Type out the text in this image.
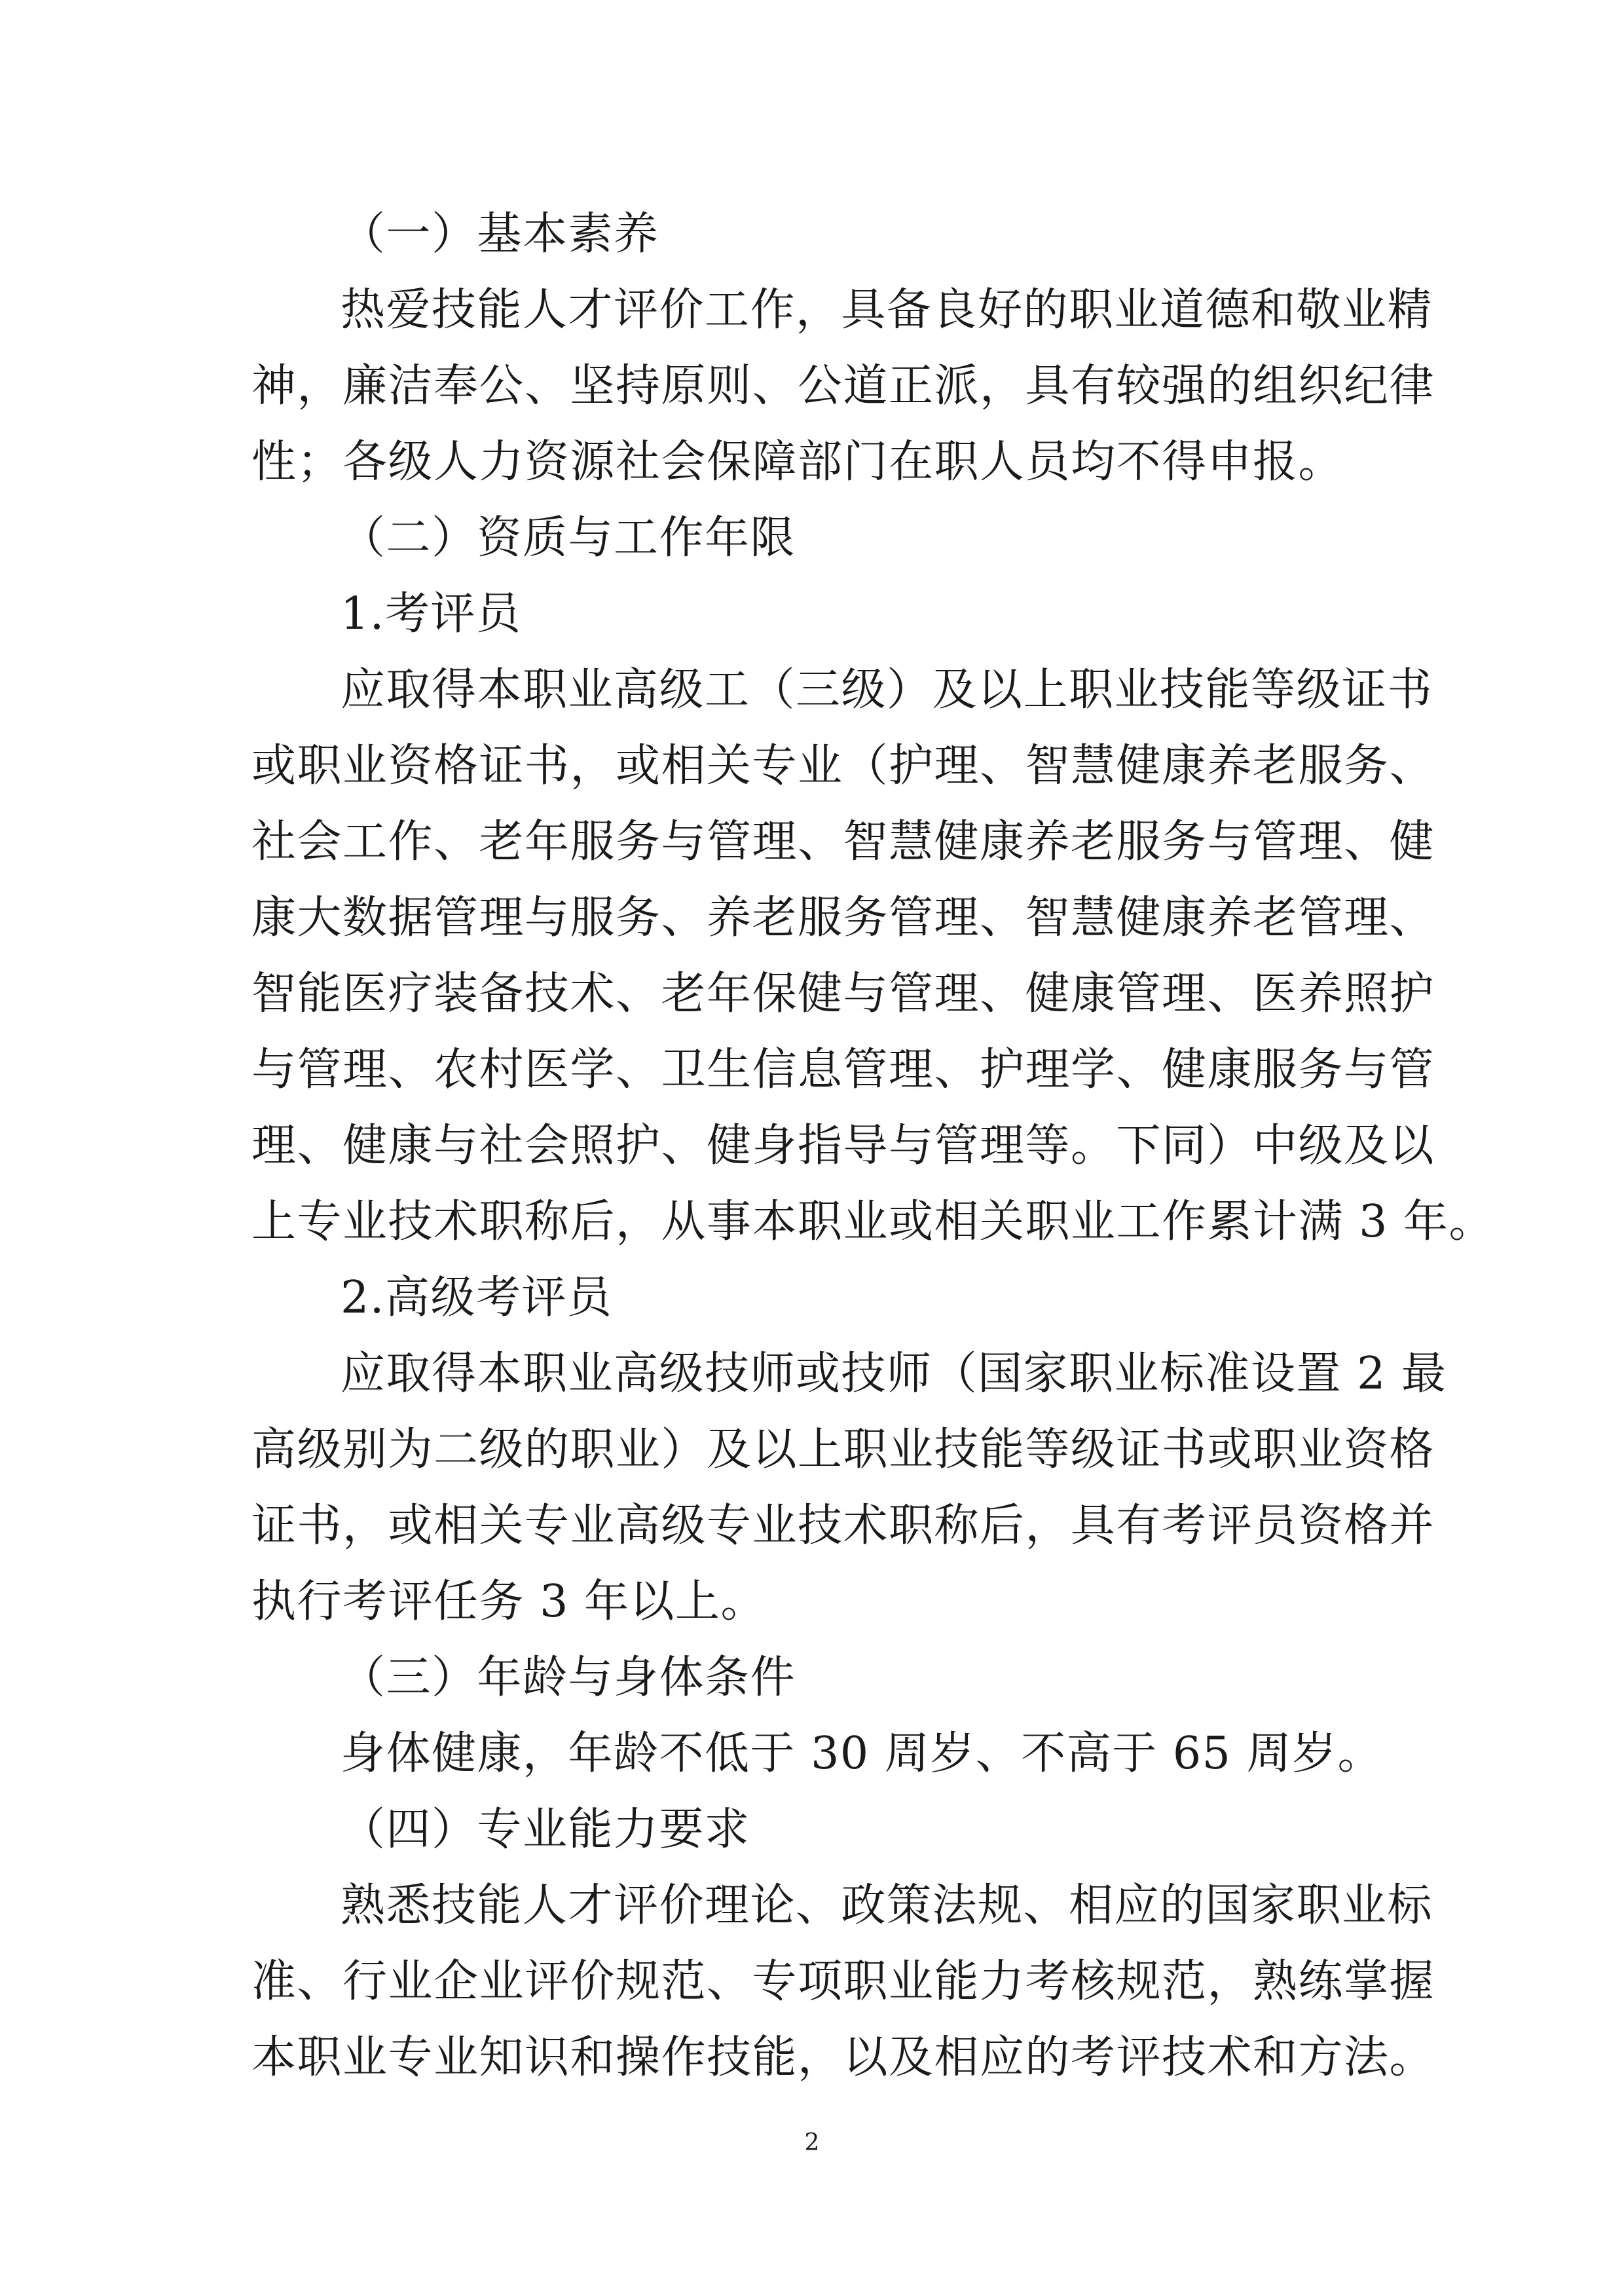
（一）基本素养
热爱技能人才评价工作，具备良好的职业道德和敬业精
神，廉洁奉公、坚持原则、公道正派，具有较强的组织纪律
性；各级人力资源社会保障部门在职人员均不得申报。
（二）资质与工作年限
1.考评员
应取得本职业高级工（三级）及以上职业技能等级证书
或职业资格证书，或相关专业（护理、智慧健康养老服务、
社会工作、老年服务与管理、智慧健康养老服务与管理、健
康大数据管理与服务、养老服务管理、智慧健康养老管理、
智能医疗装备技术、老年保健与管理、健康管理、医养照护
与管理、农村医学、卫生信息管理、护理学、健康服务与管
理、健康与社会照护、健身指导与管理等。下同）中级及以
上专业技术职称后，从事本职业或相关职业工作累计满 3 年。
2.高级考评员
应取得本职业高级技师或技师（国家职业标准设置 2 最
高级别为二级的职业）及以上职业技能等级证书或职业资格
证书，或相关专业高级专业技术职称后，具有考评员资格并
执行考评任务 3 年以上。
（三）年龄与身体条件
身体健康，年龄不低于 30 周岁、不高于 65 周岁。
（四）专业能力要求
熟悉技能人才评价理论、政策法规、相应的国家职业标
准、行业企业评价规范、专项职业能力考核规范，熟练掌握
本职业专业知识和操作技能，以及相应的考评技术和方法。
2
